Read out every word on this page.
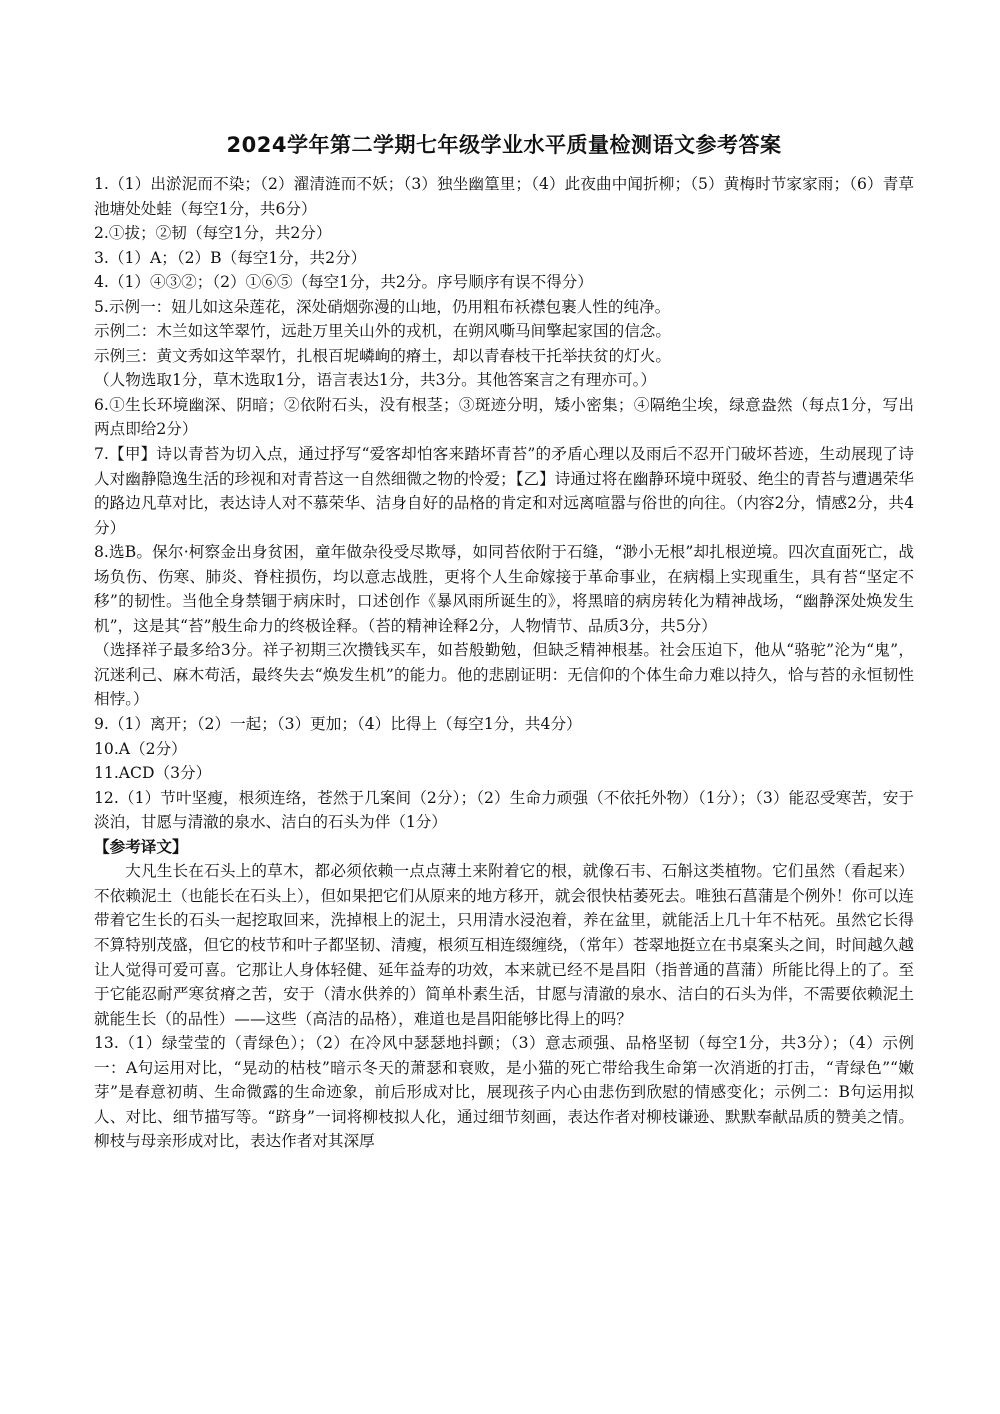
2024学年第二学期七年级学业水平质量检测语文参考答案

1.（1）出淤泥而不染；（2）濯清涟而不妖；（3）独坐幽篁里；（4）此夜曲中闻折柳；（5）黄梅时节家家雨；（6）青草池塘处处蛙（每空1分，共6分）

2.①拔；②韧（每空1分，共2分）

3.（1）A；（2）B（每空1分，共2分）

4.（1）④③②；（2）①⑥⑤（每空1分，共2分。序号顺序有误不得分）

5.示例一：妞儿如这朵莲花，深处硝烟弥漫的山地，仍用粗布袄襟包裹人性的纯净。

示例二：木兰如这竿翠竹，远赴万里关山外的戎机，在朔风嘶马间擎起家国的信念。

示例三：黄文秀如这竿翠竹，扎根百坭嶙峋的瘠土，却以青春枝干托举扶贫的灯火。

（人物选取1分，草木选取1分，语言表达1分，共3分。其他答案言之有理亦可。）

6.①生长环境幽深、阴暗；②依附石头，没有根茎；③斑迹分明，矮小密集；④隔绝尘埃，绿意盎然（每点1分，写出两点即给2分）

7.【甲】诗以青苔为切入点，通过抒写“爱客却怕客来踏坏青苔”的矛盾心理以及雨后不忍开门破坏苔迹，生动展现了诗人对幽静隐逸生活的珍视和对青苔这一自然细微之物的怜爱；【乙】诗通过将在幽静环境中斑驳、绝尘的青苔与遭遇荣华的路边凡草对比，表达诗人对不慕荣华、洁身自好的品格的肯定和对远离喧嚣与俗世的向往。（内容2分，情感2分，共4分）

8.选B。保尔·柯察金出身贫困，童年做杂役受尽欺辱，如同苔依附于石缝，“渺小无根”却扎根逆境。四次直面死亡，战场负伤、伤寒、肺炎、脊柱损伤，均以意志战胜，更将个人生命嫁接于革命事业，在病榻上实现重生，具有苔“坚定不移”的韧性。当他全身禁锢于病床时，口述创作《暴风雨所诞生的》，将黑暗的病房转化为精神战场，“幽静深处焕发生机”，这是其“苔”般生命力的终极诠释。（苔的精神诠释2分，人物情节、品质3分，共5分）

（选择祥子最多给3分。祥子初期三次攒钱买车，如苔般勤勉，但缺乏精神根基。社会压迫下，他从“骆驼”沦为“鬼”，沉迷利己、麻木苟活，最终失去“焕发生机”的能力。他的悲剧证明：无信仰的个体生命力难以持久，恰与苔的永恒韧性相悖。）

9.（1）离开；（2）一起；（3）更加；（4）比得上（每空1分，共4分）

10.A（2分）

11.ACD（3分）

12.（1）节叶坚瘦，根须连络，苍然于几案间（2分）；（2）生命力顽强（不依托外物）（1分）；（3）能忍受寒苦，安于淡泊，甘愿与清澈的泉水、洁白的石头为伴（1分）

【参考译文】

大凡生长在石头上的草木，都必须依赖一点点薄土来附着它的根，就像石韦、石斛这类植物。它们虽然（看起来）不依赖泥土（也能长在石头上），但如果把它们从原来的地方移开，就会很快枯萎死去。唯独石菖蒲是个例外！你可以连带着它生长的石头一起挖取回来，洗掉根上的泥土，只用清水浸泡着，养在盆里，就能活上几十年不枯死。虽然它长得不算特别茂盛，但它的枝节和叶子都坚韧、清瘦，根须互相连缀缠绕，（常年）苍翠地挺立在书桌案头之间，时间越久越让人觉得可爱可喜。它那让人身体轻健、延年益寿的功效，本来就已经不是昌阳（指普通的菖蒲）所能比得上的了。至于它能忍耐严寒贫瘠之苦，安于（清水供养的）简单朴素生活，甘愿与清澈的泉水、洁白的石头为伴，不需要依赖泥土就能生长（的品性）——这些（高洁的品格），难道也是昌阳能够比得上的吗？

13.（1）绿莹莹的（青绿色）；（2）在冷风中瑟瑟地抖颤；（3）意志顽强、品格坚韧（每空1分，共3分）；（4）示例一：A句运用对比，“晃动的枯枝”暗示冬天的萧瑟和衰败，是小猫的死亡带给我生命第一次消逝的打击，“青绿色”“嫩芽”是春意初萌、生命微露的生命迹象，前后形成对比，展现孩子内心由悲伤到欣慰的情感变化；示例二：B句运用拟人、对比、细节描写等。“跻身”一词将柳枝拟人化，通过细节刻画，表达作者对柳枝谦逊、默默奉献品质的赞美之情。柳枝与母亲形成对比，表达作者对其深厚
